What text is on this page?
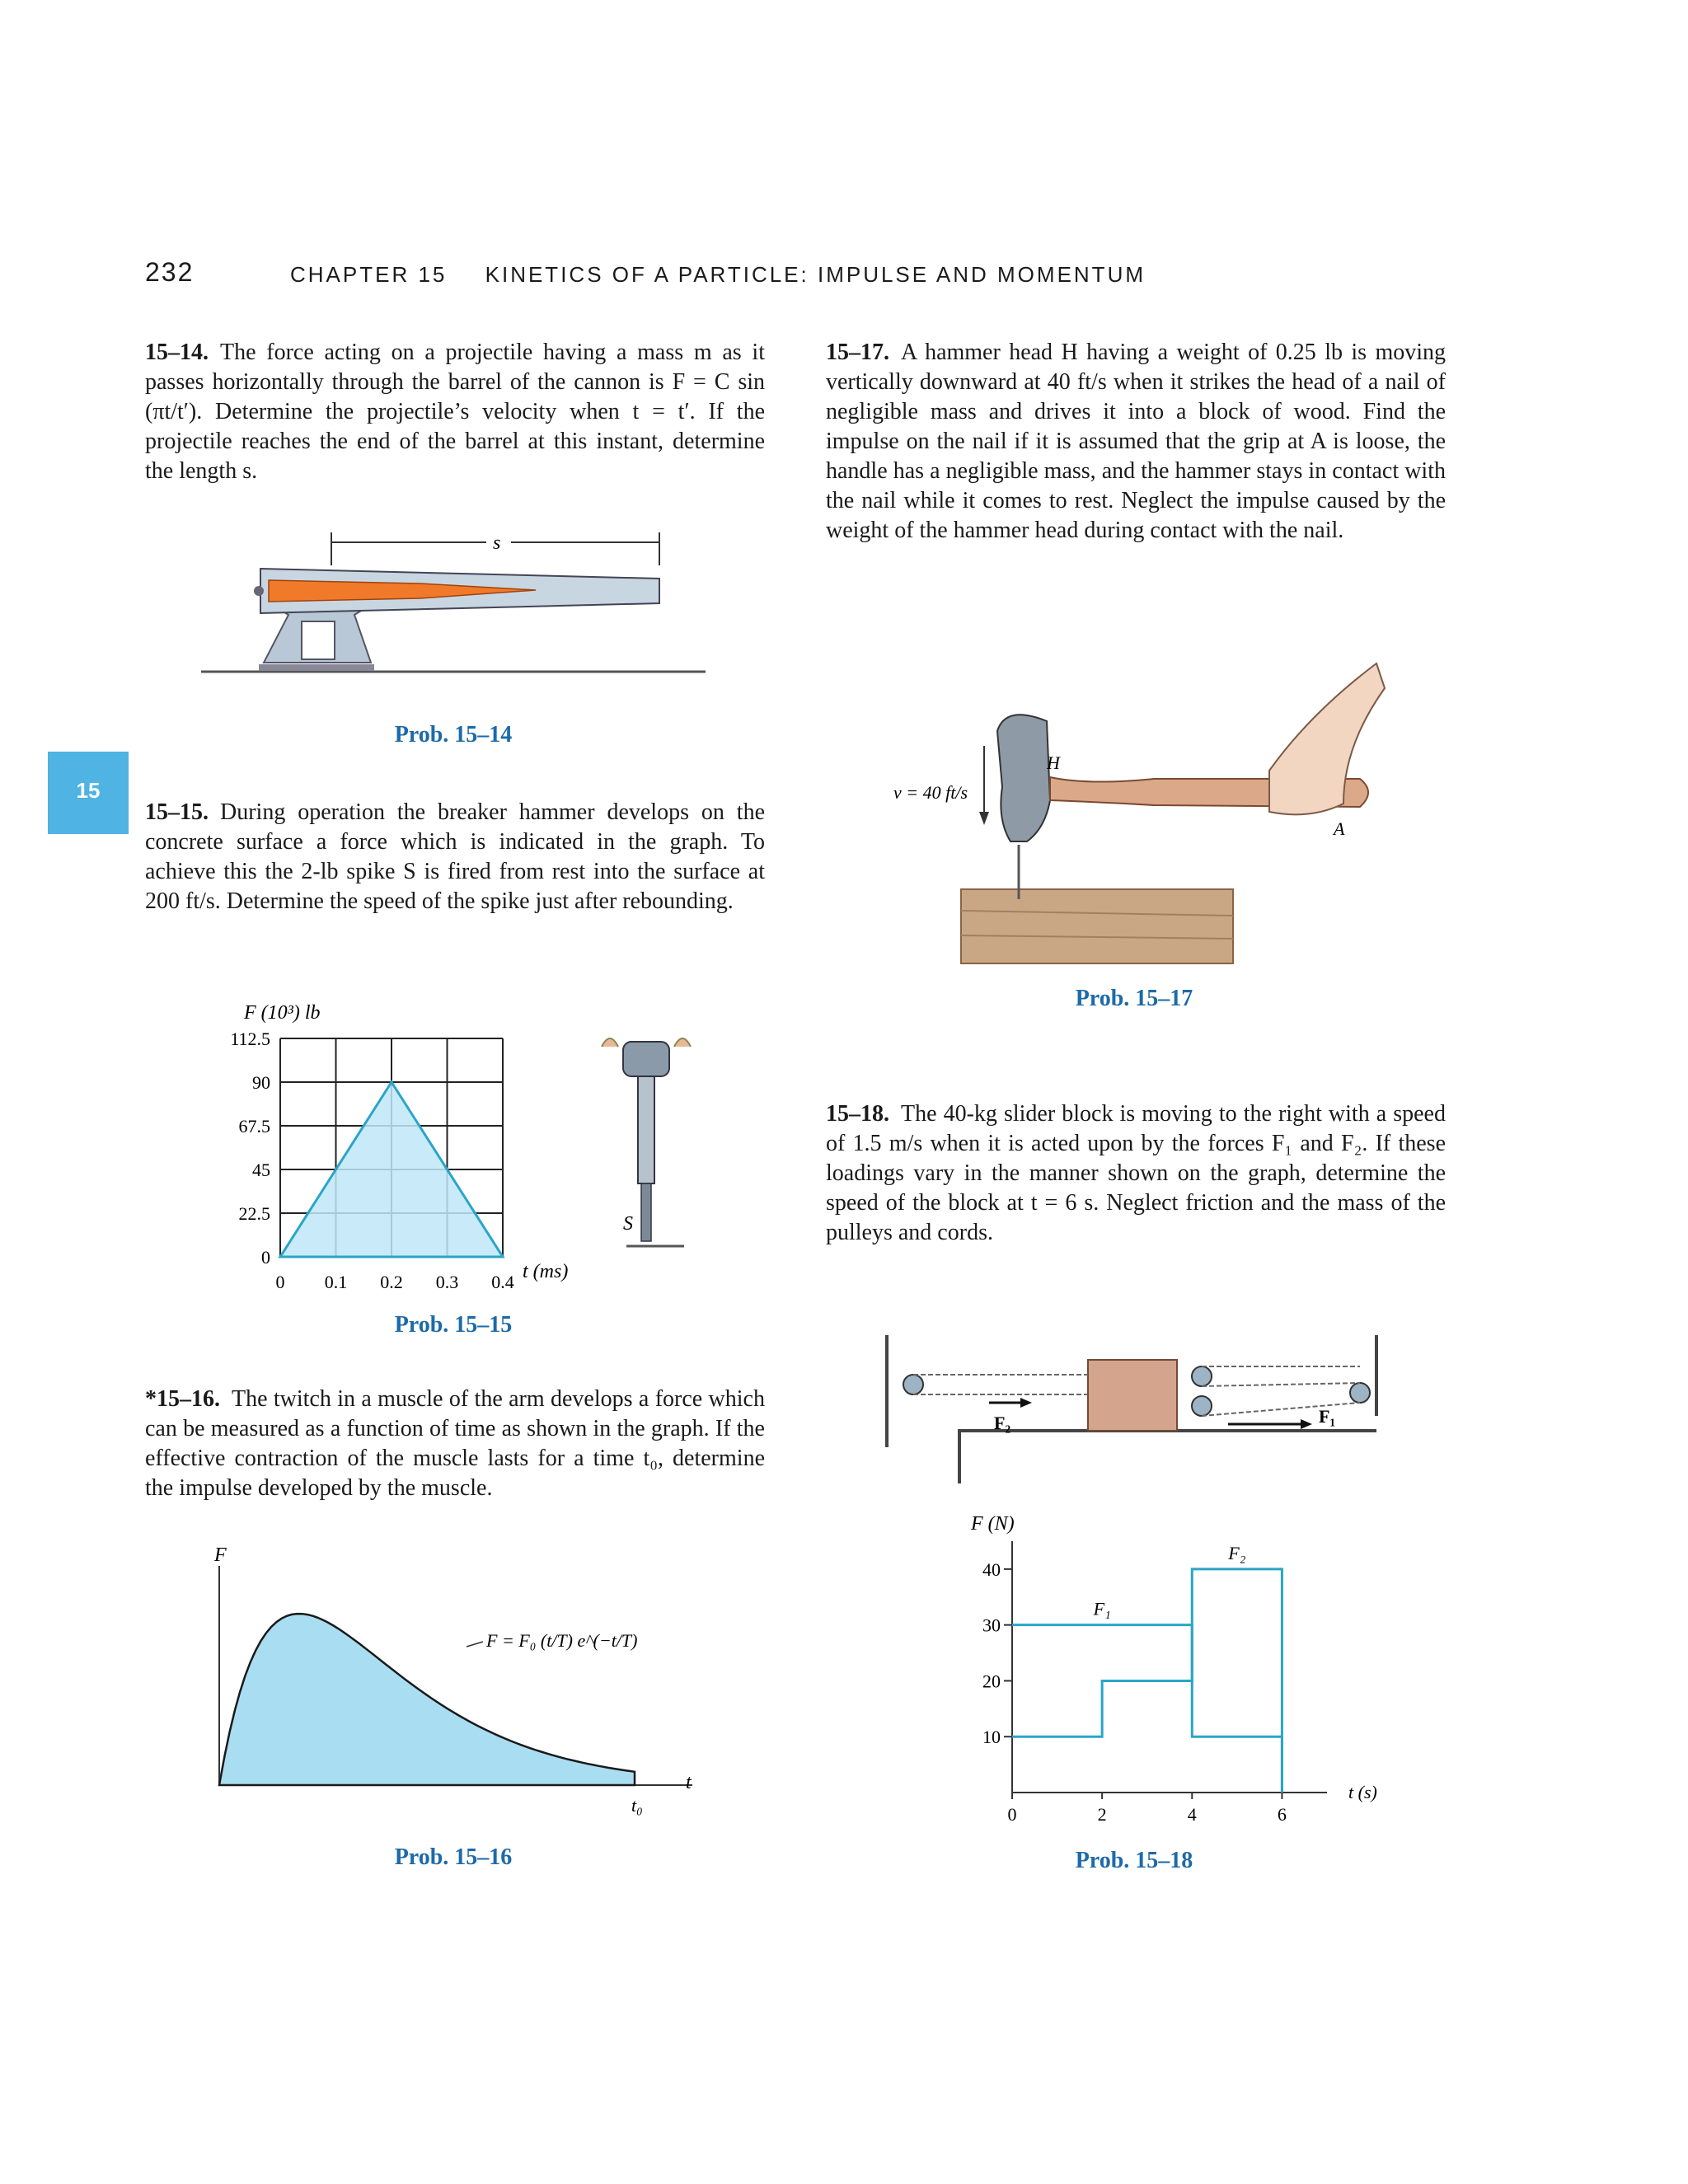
232	CHAPTER 15 KINETICS OF A PARTICLE: IMPULSE AND MOMENTUM
15
15–14. The force acting on a projectile having a mass m as it passes horizontally through the barrel of the cannon is F = C sin (πt/t′). Determine the projectile’s velocity when t = t′. If the projectile reaches the end of the barrel at this instant, determine the length s.
s
Prob. 15–14
15–15. During operation the breaker hammer develops on the concrete surface a force which is indicated in the graph. To achieve this the 2-lb spike S is fired from rest into the surface at 200 ft/s. Determine the speed of the spike just after rebounding.
F (10³) lb
t (ms)
0 0.1 0.2 0.3 0.4
0
22.5
45
67.5
90
112.5
S
Prob. 15–15
*15–16. The twitch in a muscle of the arm develops a force which can be measured as a function of time as shown in the graph. If the effective contraction of the muscle lasts for a time t₀, determine the impulse developed by the muscle.
F
t
t₀
F = F₀ (t/T) e^(−t/T)
Prob. 15–16
15–17. A hammer head H having a weight of 0.25 lb is moving vertically downward at 40 ft/s when it strikes the head of a nail of negligible mass and drives it into a block of wood. Find the impulse on the nail if it is assumed that the grip at A is loose, the handle has a negligible mass, and the hammer stays in contact with the nail while it comes to rest. Neglect the impulse caused by the weight of the hammer head during contact with the nail.
v = 40 ft/s
H
A
Prob. 15–17
15–18. The 40-kg slider block is moving to the right with a speed of 1.5 m/s when it is acted upon by the forces F₁ and F₂. If these loadings vary in the manner shown on the graph, determine the speed of the block at t = 6 s. Neglect friction and the mass of the pulleys and cords.
F₂	F₁
F (N)
t (s)
10
20
30
40
0	2	4	6
F₁
F₂
Prob. 15–18
